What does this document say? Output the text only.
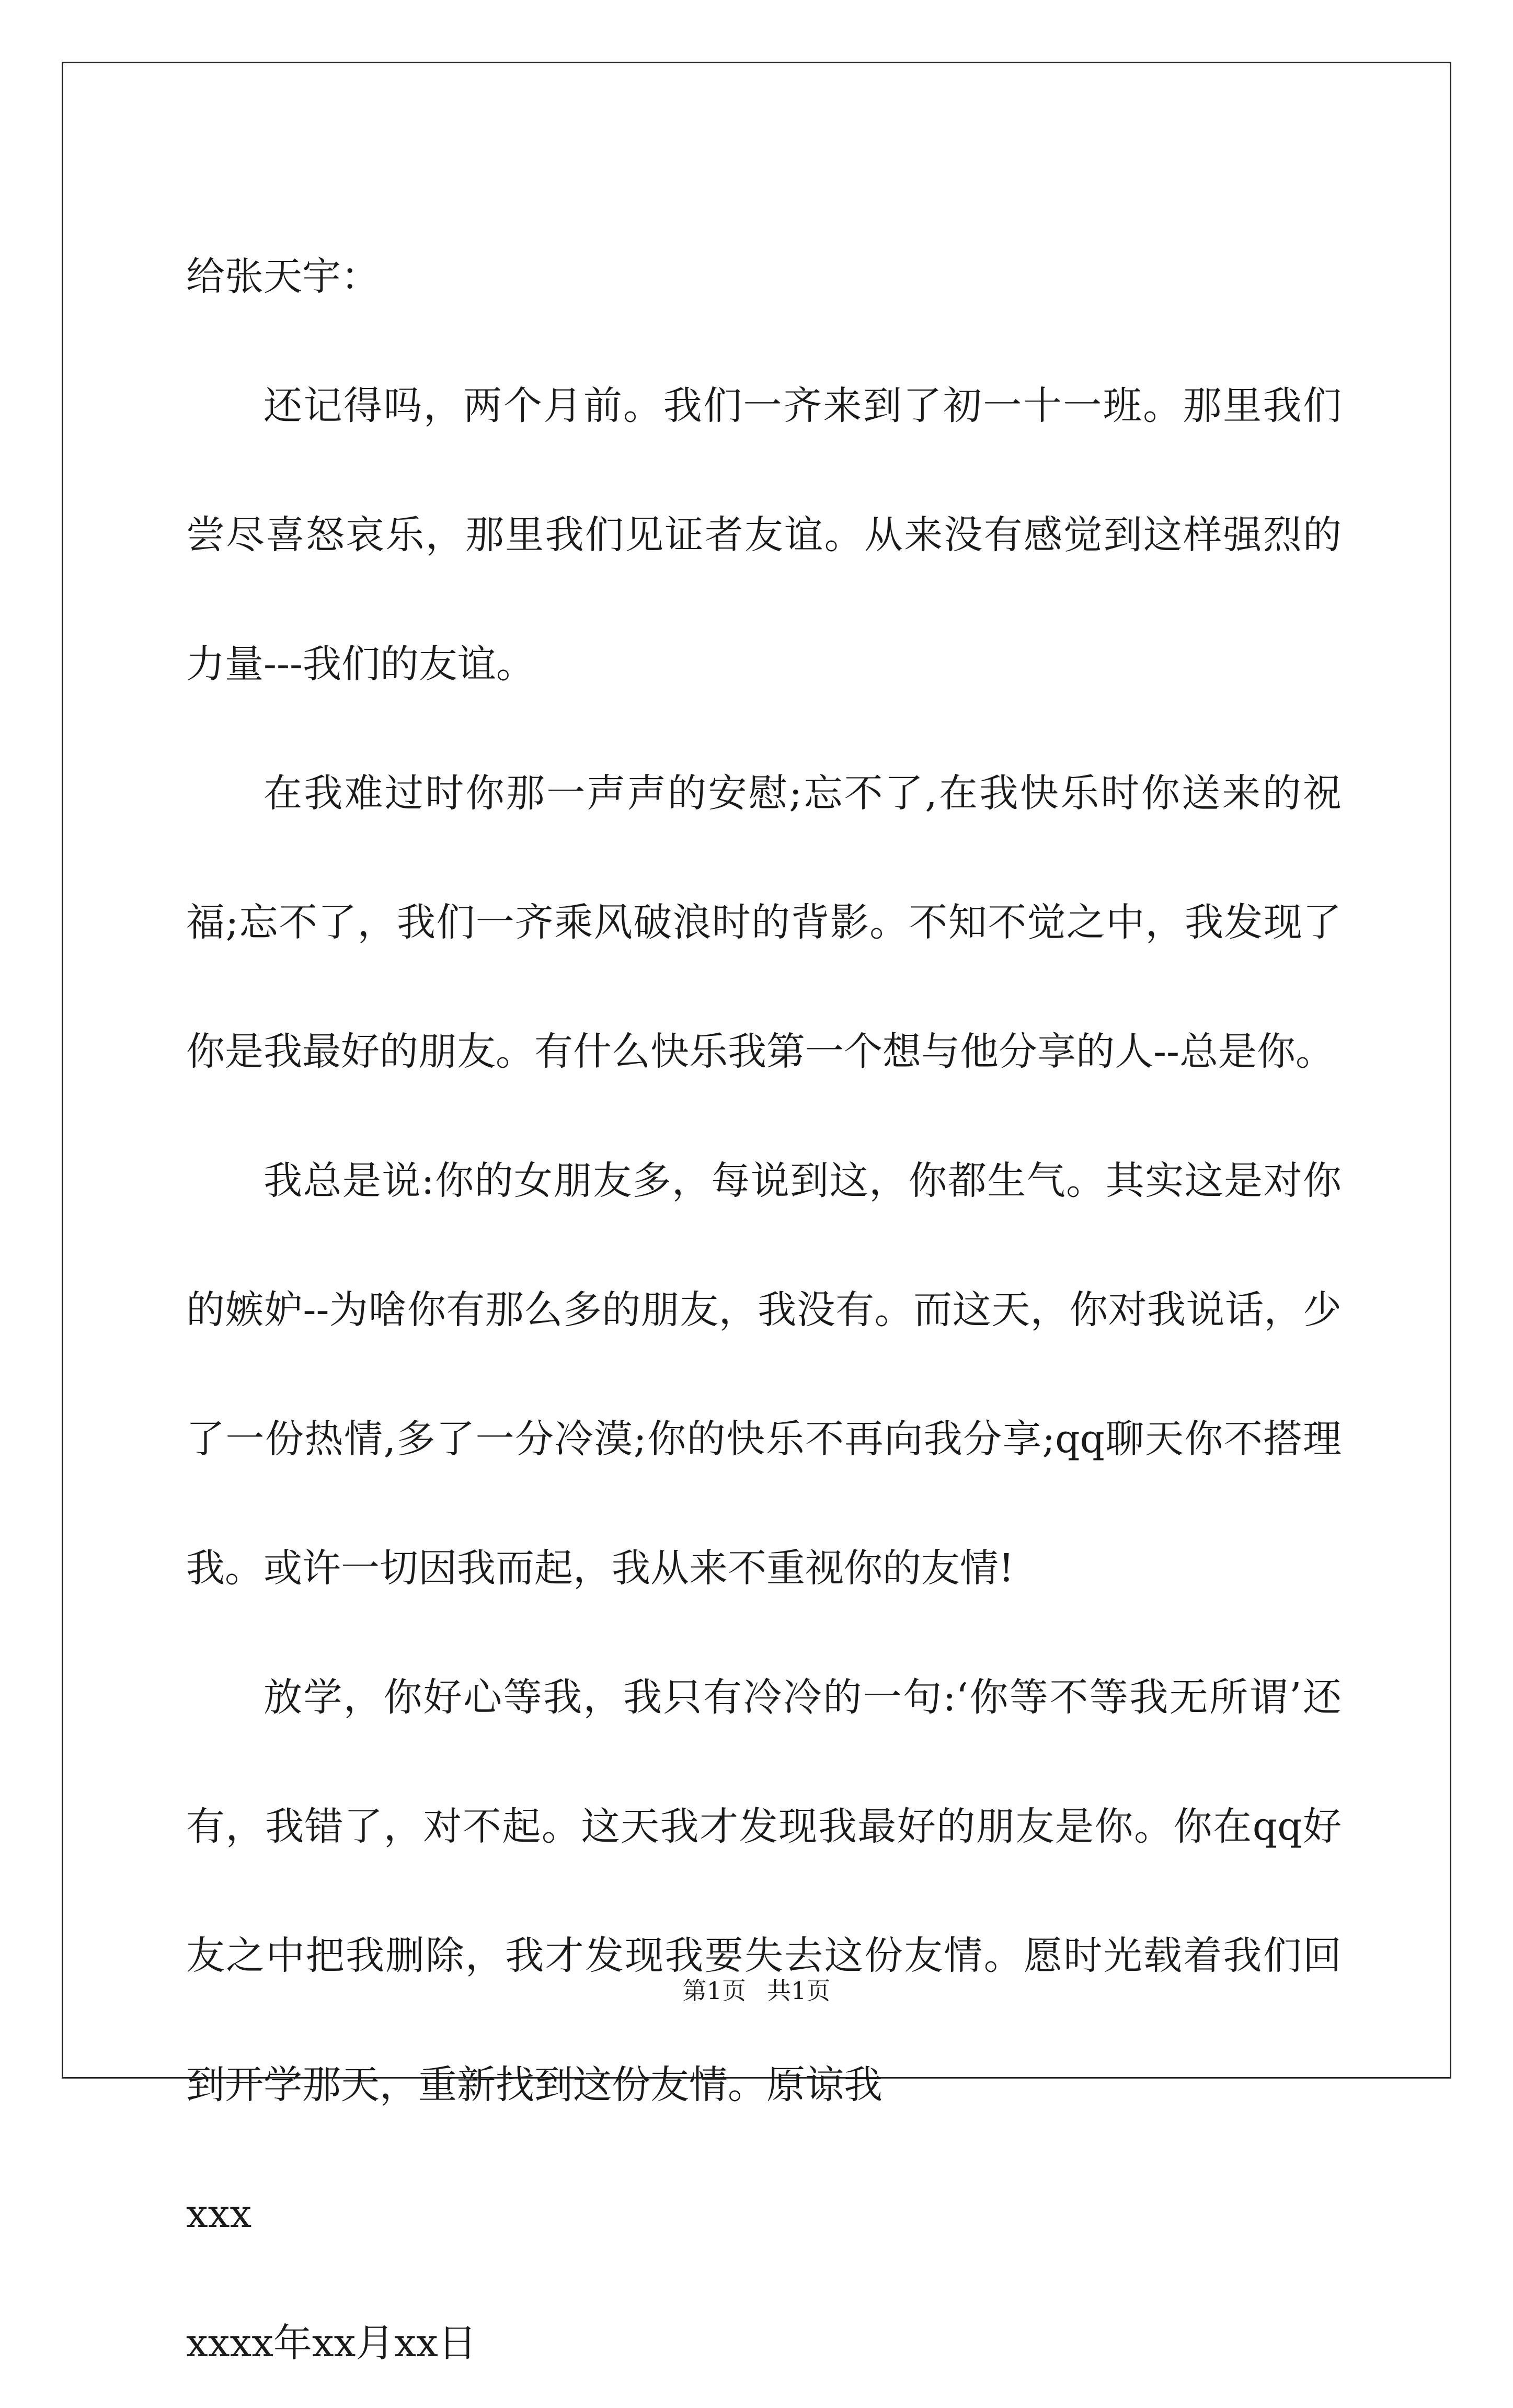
给张天宇：

还记得吗，两个月前。我们一齐来到了初一十一班。那里我们尝尽喜怒哀乐，那里我们见证者友谊。从来没有感觉到这样强烈的力量---我们的友谊。

在我难过时你那一声声的安慰;忘不了,在我快乐时你送来的祝福;忘不了，我们一齐乘风破浪时的背影。不知不觉之中，我发现了你是我最好的朋友。有什么快乐我第一个想与他分享的人--总是你。

我总是说:你的女朋友多，每说到这，你都生气。其实这是对你的嫉妒--为啥你有那么多的朋友，我没有。而这天，你对我说话，少了一份热情,多了一分冷漠;你的快乐不再向我分享;qq聊天你不搭理我。或许一切因我而起，我从来不重视你的友情!

放学，你好心等我，我只有冷冷的一句:‘你等不等我无所谓’还有，我错了，对不起。这天我才发现我最好的朋友是你。你在qq好友之中把我删除，我才发现我要失去这份友情。愿时光载着我们回到开学那天，重新找到这份友情。原谅我

xxx

xxxx年xx月xx日

第1页 共1页
